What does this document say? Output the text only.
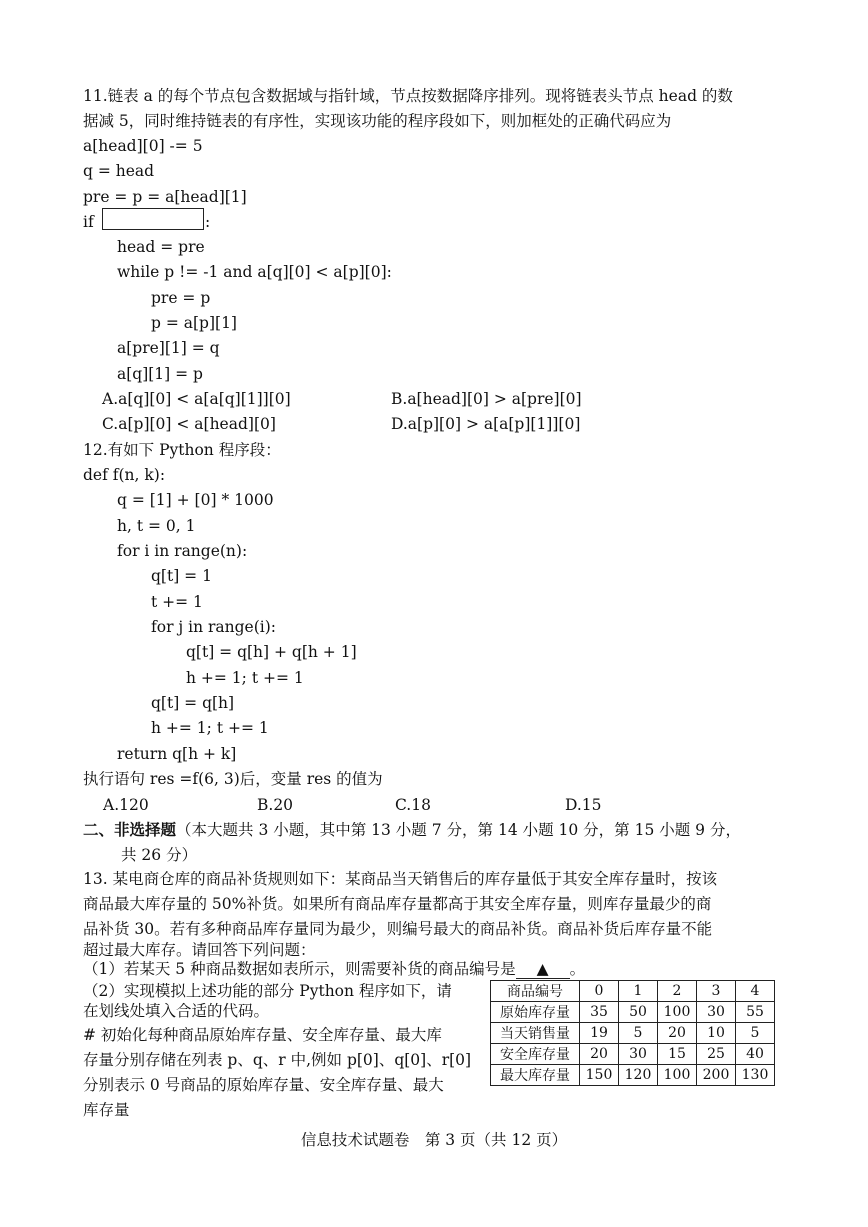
11.链表 a 的每个节点包含数据域与指针域，节点按数据降序排列。现将链表头节点 head 的数
据减 5，同时维持链表的有序性，实现该功能的程序段如下，则加框处的正确代码应为
a[head][0] -= 5
q = head
pre = p = a[head][1]
if	:
head = pre
while p != -1 and a[q][0] < a[p][0]:
pre = p
p = a[p][1]
a[pre][1] = q
a[q][1] = p
A.a[q][0] < a[a[q][1]][0]	B.a[head][0] > a[pre][0]
C.a[p][0] < a[head][0]	D.a[p][0] > a[a[p][1]][0]
12.有如下 Python 程序段：
def f(n, k):
q = [1] + [0] * 1000
h, t = 0, 1
for i in range(n):
q[t] = 1
t += 1
for j in range(i):
q[t] = q[h] + q[h + 1]
h += 1; t += 1
q[t] = q[h]
h += 1; t += 1
return q[h + k]
执行语句 res =f(6, 3)后，变量 res 的值为
A.120	B.20	C.18	D.15
二、非选择题（本大题共 3 小题，其中第 13 小题 7 分，第 14 小题 10 分，第 15 小题 9 分，
共 26 分）
13. 某电商仓库的商品补货规则如下：某商品当天销售后的库存量低于其安全库存量时，按该
商品最大库存量的 50%补货。如果所有商品库存量都高于其安全库存量，则库存量最少的商
品补货 30。若有多种商品库存量同为最少，则编号最大的商品补货。商品补货后库存量不能
超过最大库存。请回答下列问题：
（1）若某天 5 种商品数据如表所示，则需要补货的商品编号是 ▲ 。
（2）实现模拟上述功能的部分 Python 程序如下，请
在划线处填入合适的代码。
# 初始化每种商品原始库存量、安全库存量、最大库
存量分别存储在列表 p、q、r 中,例如 p[0]、q[0]、r[0]
分别表示 0 号商品的原始库存量、安全库存量、最大
库存量
商品编号	0	1	2	3	4
原始库存量	35	50	100	30	55
当天销售量	19	5	20	10	5
安全库存量	20	30	15	25	40
最大库存量	150	120	100	200	130
信息技术试题卷　第 3 页（共 12 页）
